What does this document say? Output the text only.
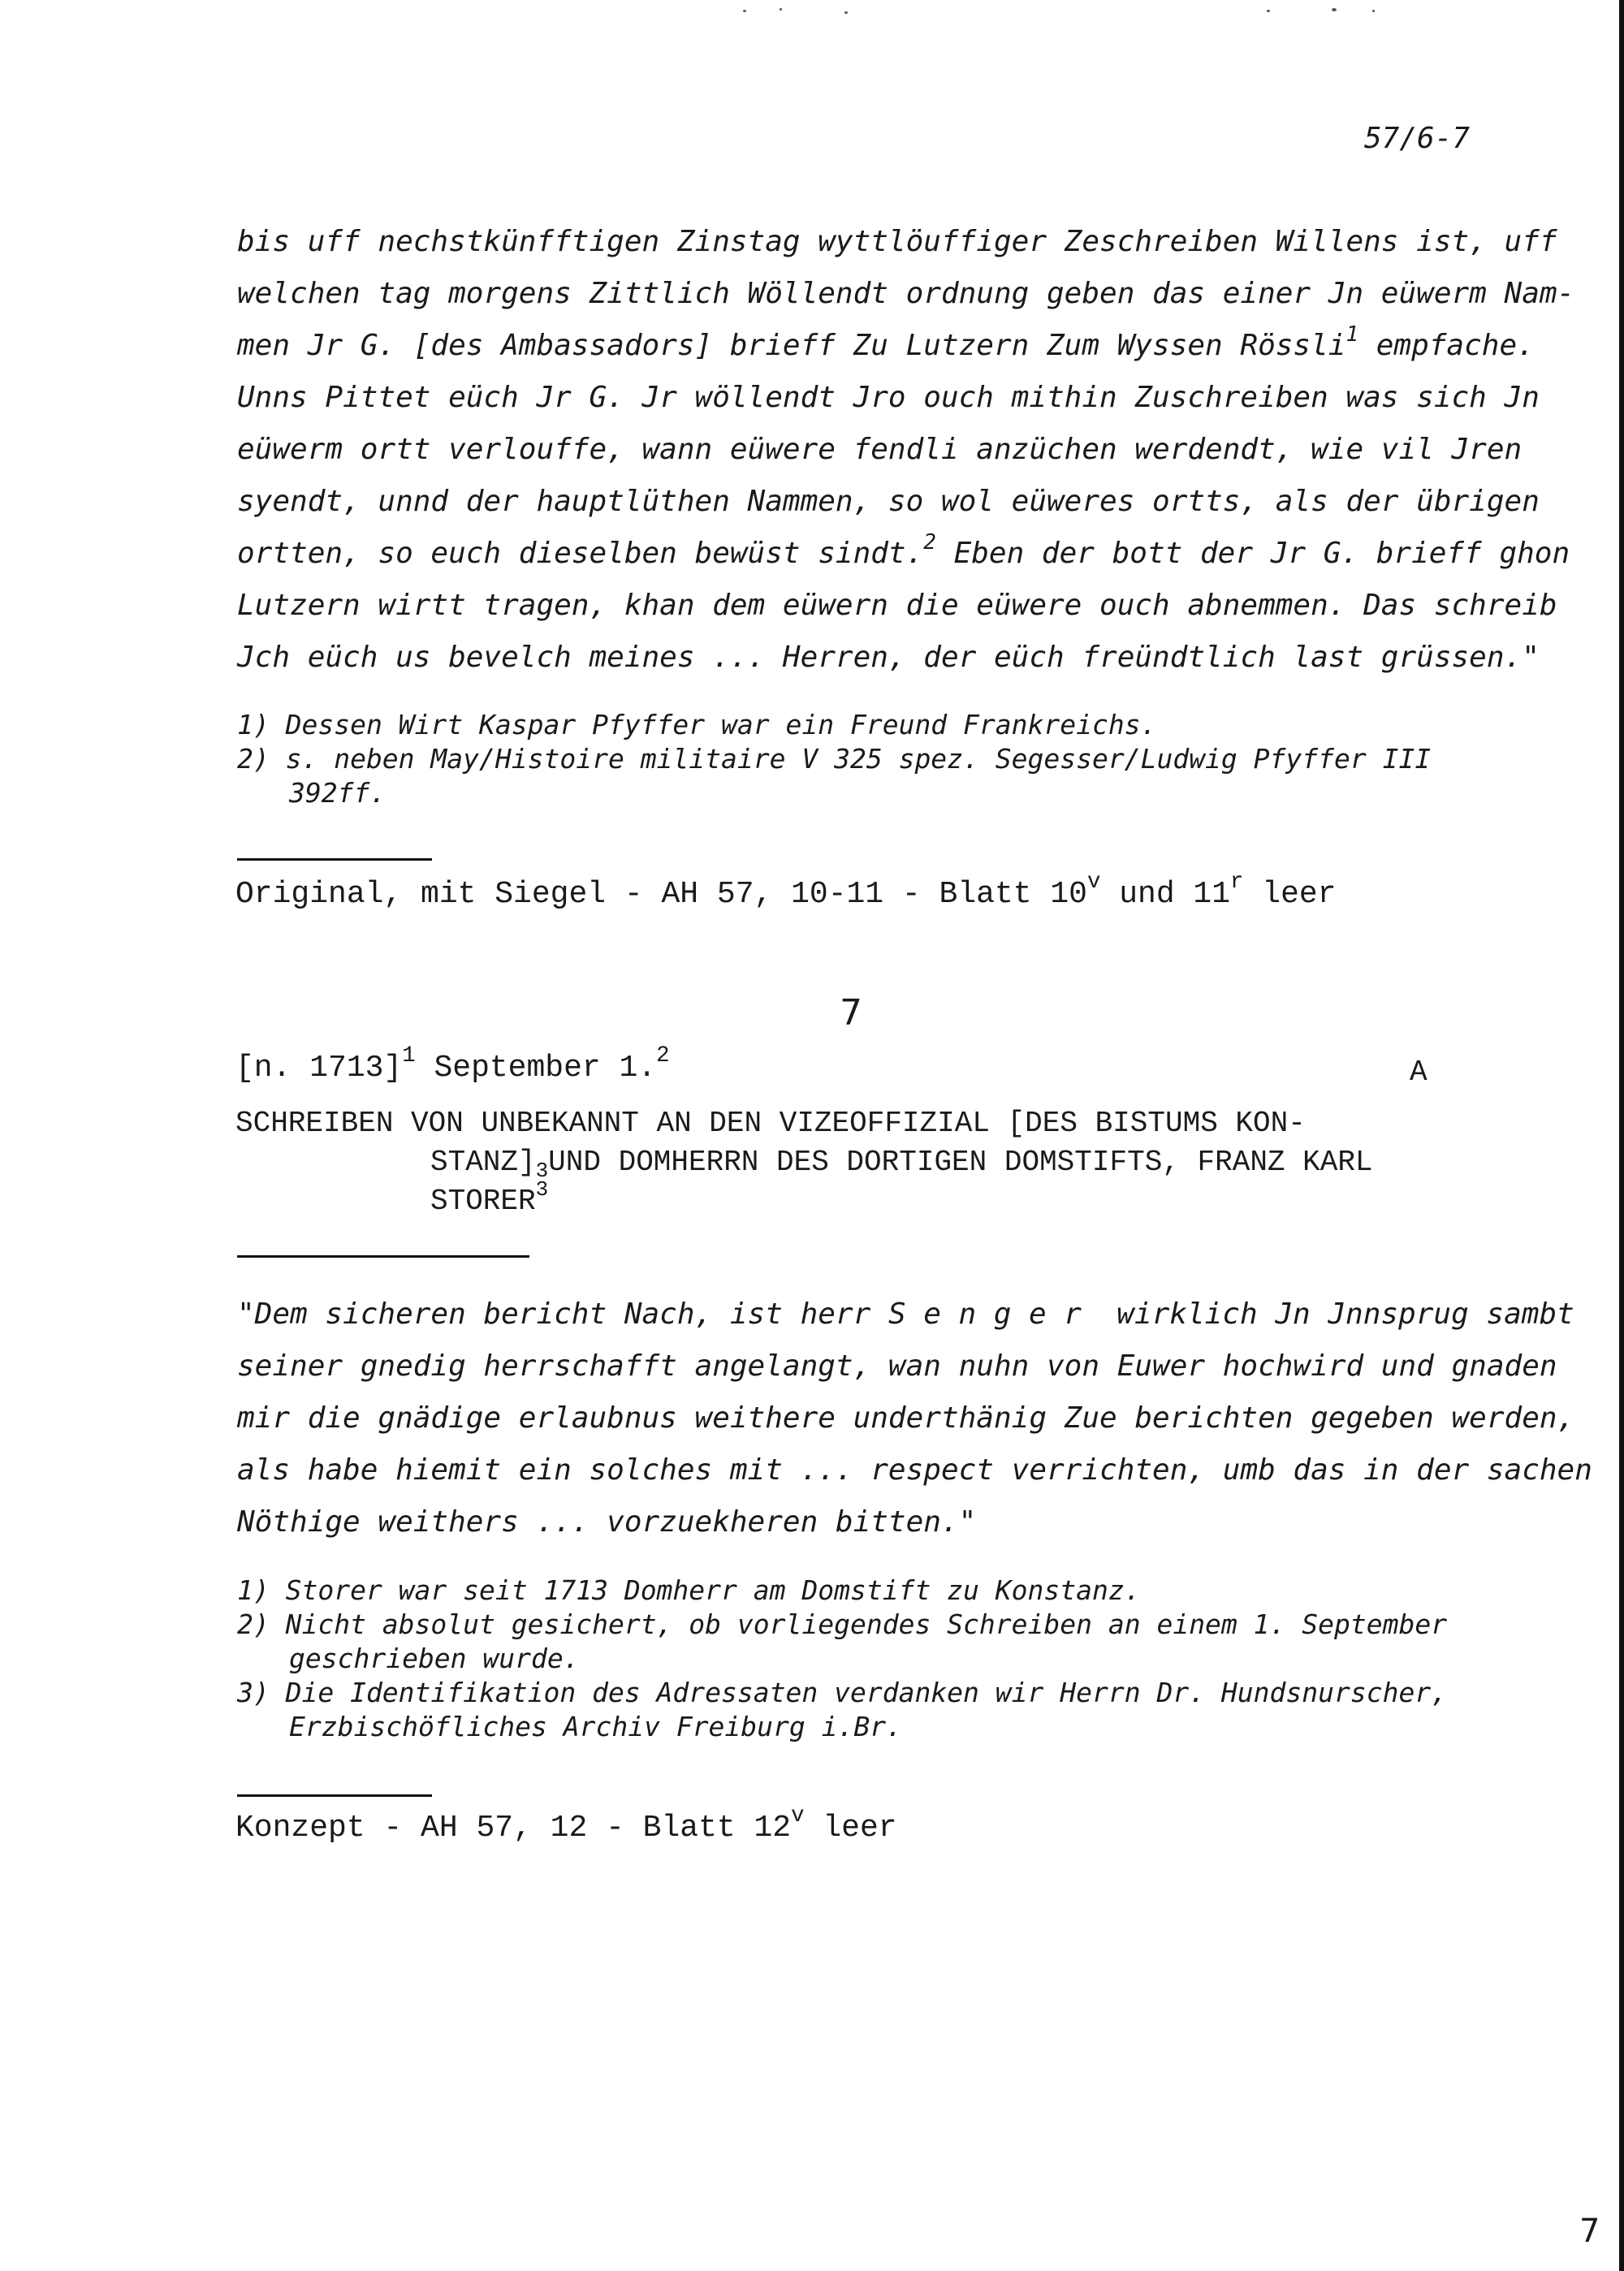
57/6-7
bis uff nechstkünfftigen Zinstag wyttlöuffiger Zeschreiben Willens ist, uff
welchen tag morgens Zittlich Wöllendt ordnung geben das einer Jn eüwerm Nam-
men Jr G. [des Ambassadors] brieff Zu Lutzern Zum Wyssen Rössli$^1$ empfache.
Unns Pittet eüch Jr G. Jr wöllendt Jro ouch mithin Zuschreiben was sich Jn
eüwerm ortt verlouffe, wann eüwere fendli anzüchen werdendt, wie vil Jren
syendt, unnd der hauptlüthen Nammen, so wol eüweres ortts, als der übrigen
ortten, so euch dieselben bewüst sindt.$^2$ Eben der bott der Jr G. brieff ghon
Lutzern wirtt tragen, khan dem eüwern die eüwere ouch abnemmen. Das schreib
Jch eüch us bevelch meines ... Herren, der eüch freündtlich last grüssen."
1) Dessen Wirt Kaspar Pfyffer war ein Freund Frankreichs.
2) s. neben May/Histoire militaire V 325 spez. Segesser/Ludwig Pfyffer III
392ff.
Original, mit Siegel - AH 57, 10-11 - Blatt 10$^v$ und 11$^r$ leer
7
[n. 1713]$^1$ September 1.$^2$	A
SCHREIBEN VON UNBEKANNT AN DEN VIZEOFFIZIAL [DES BISTUMS KON-
$STANZ]_3UND$ DOMHERRN DES DORTIGEN DOMSTIFTS, FRANZ KARL
STORER$^3$
"Dem sicheren bericht Nach, ist herr Senger wirklich Jn Jnnsprug sambt
seiner gnedig herrschafft angelangt, wan nuhn von Euwer hochwird und gnaden
mir die gnädige erlaubnus weithere underthänig Zue berichten gegeben werden,
als habe hiemit ein solches mit ... respect verrichten, umb das in der sachen
Nöthige weithers ... vorzuekheren bitten."
1) Storer war seit 1713 Domherr am Domstift zu Konstanz.
2) Nicht absolut gesichert, ob vorliegendes Schreiben an einem 1. September
geschrieben wurde.
3) Die Identifikation des Adressaten verdanken wir Herrn Dr. Hundsnurscher,
Erzbischöfliches Archiv Freiburg i.Br.
Konzept - AH 57, 12 - Blatt 12$^v$ leer
7
